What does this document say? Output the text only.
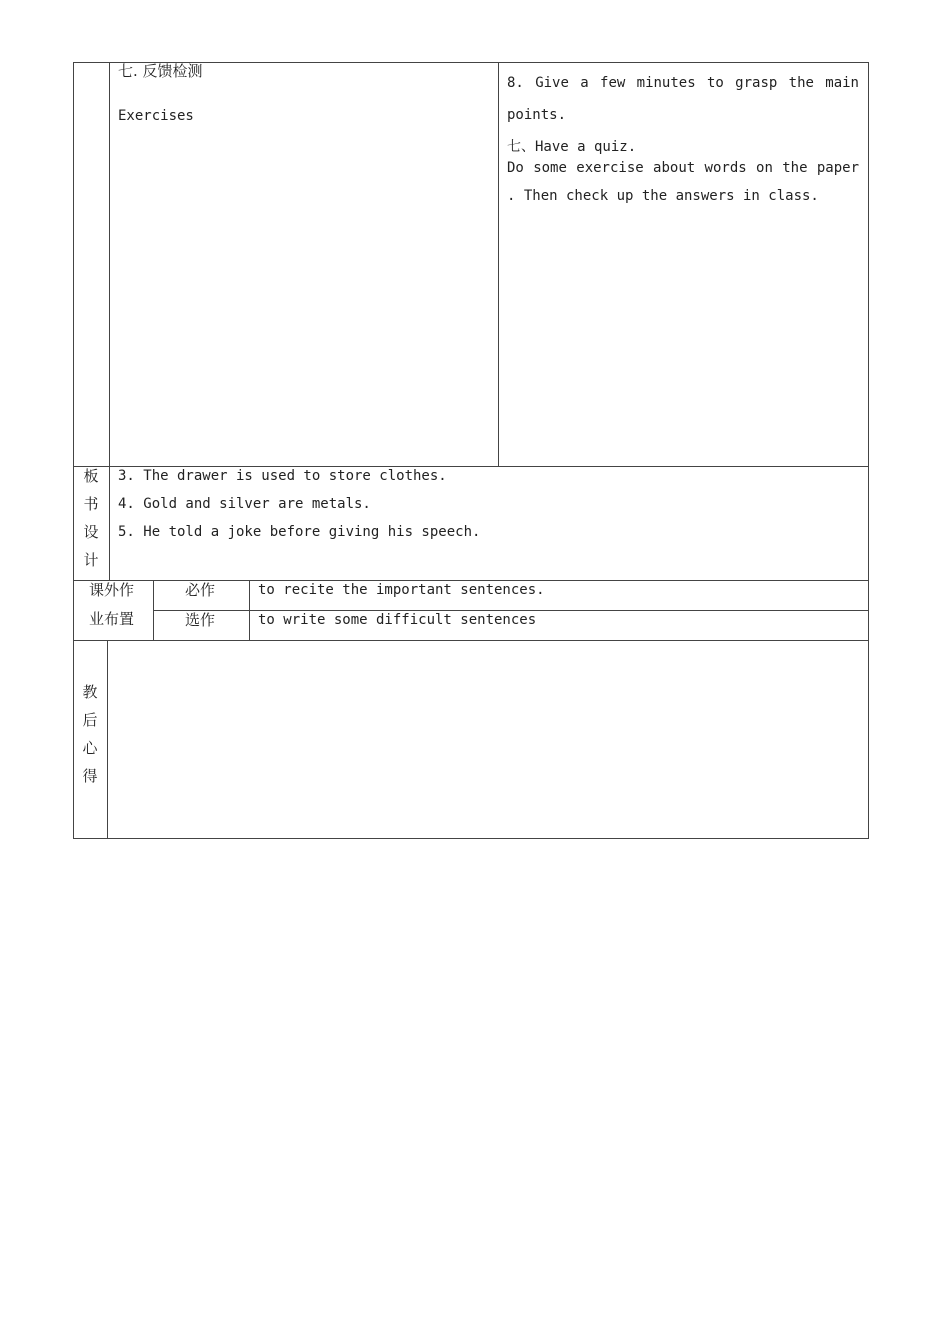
七. 反馈检测
Exercises
8. Give a few minutes to grasp the main
points.
七、Have a quiz.
Do some exercise about words on the paper
. Then check up the answers in class.
板
书
设
计
3. The drawer is used to store clothes.
4. Gold and silver are metals.
5. He told a joke before giving his speech.
课外作
业布置
必作	to recite the important sentences.
选作	to write some difficult sentences
教
后
心
得
